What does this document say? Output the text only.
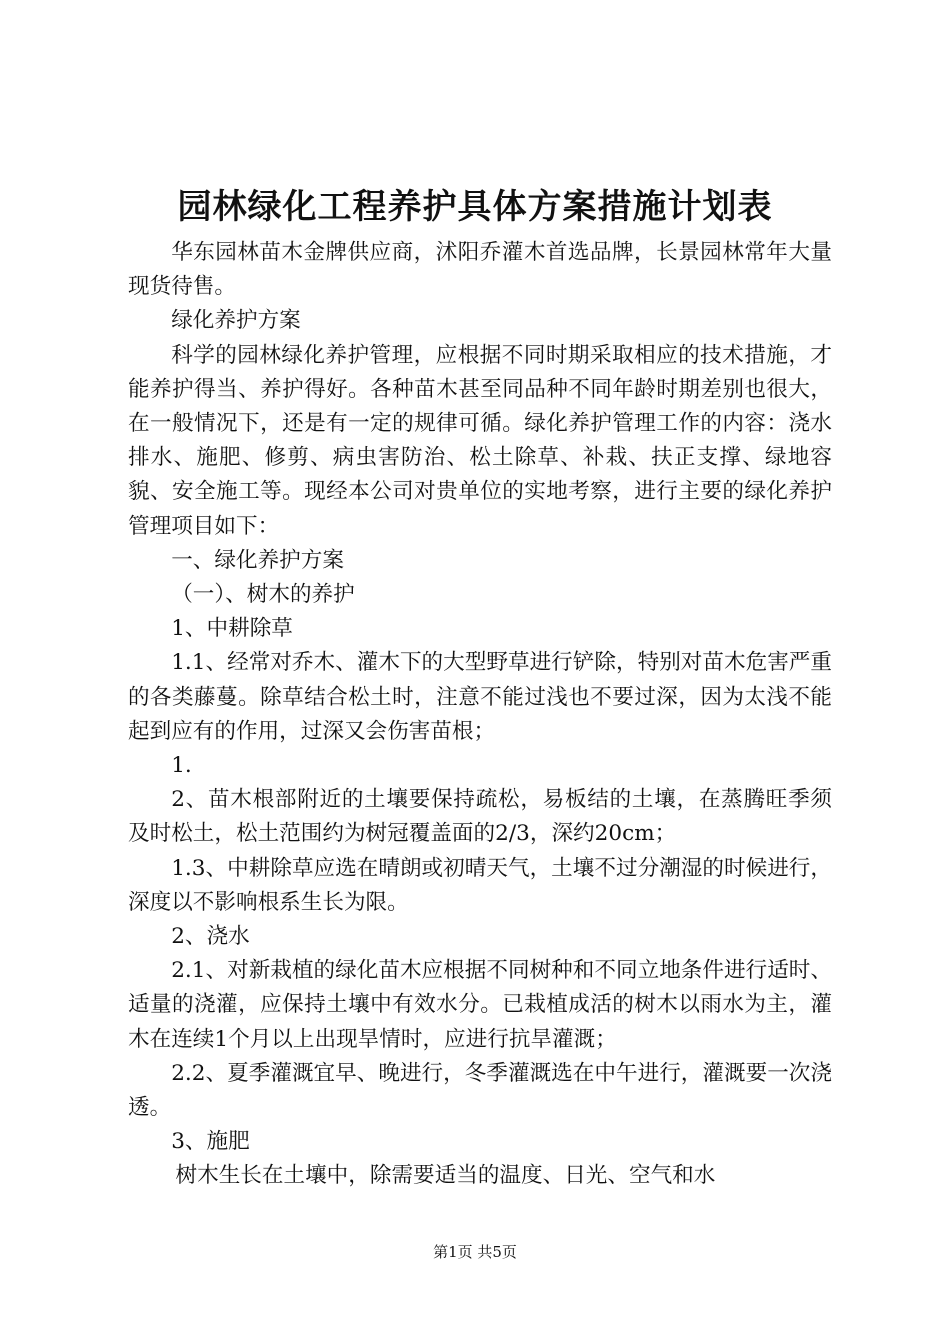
园林绿化工程养护具体方案措施计划表

华东园林苗木金牌供应商，沭阳乔灌木首选品牌，长景园林常年大量现货待售。

绿化养护方案

科学的园林绿化养护管理，应根据不同时期采取相应的技术措施，才能养护得当、养护得好。各种苗木甚至同品种不同年龄时期差别也很大，在一般情况下，还是有一定的规律可循。绿化养护管理工作的内容：浇水排水、施肥、修剪、病虫害防治、松土除草、补栽、扶正支撑、绿地容貌、安全施工等。现经本公司对贵单位的实地考察，进行主要的绿化养护管理项目如下：

一、绿化养护方案

（一）、树木的养护

1、中耕除草

1.1、经常对乔木、灌木下的大型野草进行铲除，特别对苗木危害严重的各类藤蔓。除草结合松土时，注意不能过浅也不要过深，因为太浅不能起到应有的作用，过深又会伤害苗根；

1.

2、苗木根部附近的土壤要保持疏松，易板结的土壤，在蒸腾旺季须及时松土，松土范围约为树冠覆盖面的2/3，深约20cm；

1.3、中耕除草应选在晴朗或初晴天气，土壤不过分潮湿的时候进行，深度以不影响根系生长为限。

2、浇水

2.1、对新栽植的绿化苗木应根据不同树种和不同立地条件进行适时、适量的浇灌，应保持土壤中有效水分。已栽植成活的树木以雨水为主，灌木在连续1个月以上出现旱情时，应进行抗旱灌溉；

2.2、夏季灌溉宜早、晚进行，冬季灌溉选在中午进行，灌溉要一次浇透。

3、施肥

树木生长在土壤中，除需要适当的温度、日光、空气和水

第1页 共5页
